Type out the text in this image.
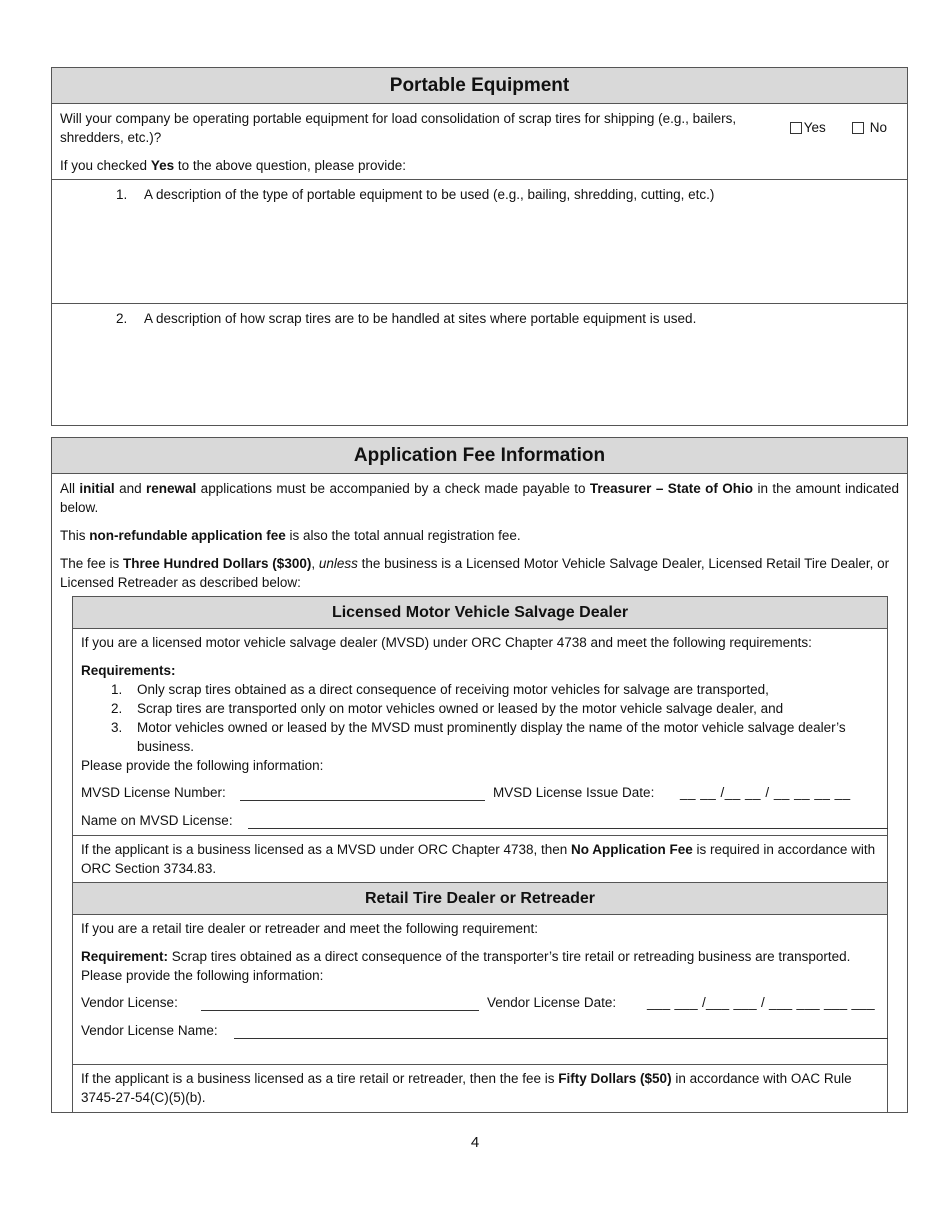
Portable Equipment
Will your company be operating portable equipment for load consolidation of scrap tires for shipping (e.g., bailers, shredders, etc.)?
Yes	No
If you checked Yes to the above question, please provide:
1. A description of the type of portable equipment to be used (e.g., bailing, shredding, cutting, etc.)
2. A description of how scrap tires are to be handled at sites where portable equipment is used.
Application Fee Information
All initial and renewal applications must be accompanied by a check made payable to Treasurer – State of Ohio in the amount indicated below.
This non-refundable application fee is also the total annual registration fee.
The fee is Three Hundred Dollars ($300), unless the business is a Licensed Motor Vehicle Salvage Dealer, Licensed Retail Tire Dealer, or Licensed Retreader as described below:
Licensed Motor Vehicle Salvage Dealer
If you are a licensed motor vehicle salvage dealer (MVSD) under ORC Chapter 4738 and meet the following requirements:
Requirements:
1. Only scrap tires obtained as a direct consequence of receiving motor vehicles for salvage are transported,
2. Scrap tires are transported only on motor vehicles owned or leased by the motor vehicle salvage dealer, and
3. Motor vehicles owned or leased by the MVSD must prominently display the name of the motor vehicle salvage dealer’s business.
Please provide the following information:
MVSD License Number:	MVSD License Issue Date: __ __ /__ __ / __ __ __ __
Name on MVSD License:
If the applicant is a business licensed as a MVSD under ORC Chapter 4738, then No Application Fee is required in accordance with ORC Section 3734.83.
Retail Tire Dealer or Retreader
If you are a retail tire dealer or retreader and meet the following requirement:
Requirement: Scrap tires obtained as a direct consequence of the transporter’s tire retail or retreading business are transported.
Please provide the following information:
Vendor License:	Vendor License Date: ___ ___ /___ ___ / ___ ___ ___ ___
Vendor License Name:
If the applicant is a business licensed as a tire retail or retreader, then the fee is Fifty Dollars ($50) in accordance with OAC Rule 3745-27-54(C)(5)(b).
4
